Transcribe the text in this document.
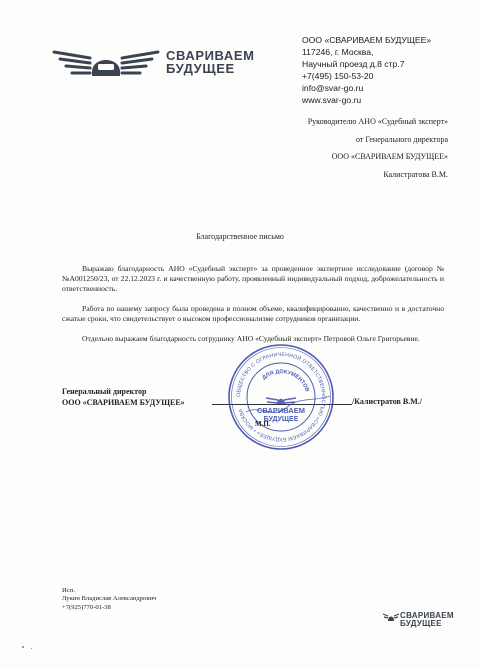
СВАРИВАЕМ
БУДУЩЕЕ
ООО «СВАРИВАЕМ БУДУЩЕЕ»
117246, г. Москва,
Научный проезд д.8 стр.7
+7(495) 150-53-20
info@svar-go.ru
www.svar-go.ru
Руководителю АНО «Судебный эксперт»
от Генерального директора
ООО «СВАРИВАЕМ БУДУЩЕЕ»
Калистратова В.М.
Благодарственное письмо

Выражаю благодарность АНО «Судебный эксперт» за проведенное экспертное исследование (договор № №А001250/23, от 22.12.2023 г. и качественную работу, проявленный индивидуальный подход, доброжелательность и ответственность.

Работа по нашему запросу была проведена в полном объеме, квалифицированно, качественно и в достаточно сжатые сроки, что свидетельствует о высоком профессионализме сотрудников организации.

Отдельно выражаем благодарность сотруднику АНО «Судебный эксперт» Петровой Ольге Григорьевне.

Генеральный директор
ООО «СВАРИВАЕМ БУДУЩЕЕ»	/Калистратов В.М./
ОБЩЕСТВО С ОГРАНИЧЕННОЙ ОТВЕТСТВЕННОСТЬЮ «СВАРИВАЕМ БУДУЩЕЕ» • МОСКВА
ДЛЯ ДОКУМЕНТОВ
СВАРИВАЕМ
БУДУЩЕЕ
М.П.
Исп.
Лукин Владислав Александрович
+7(925)770-01-38
СВАРИВАЕМ
БУДУЩЕЕ
